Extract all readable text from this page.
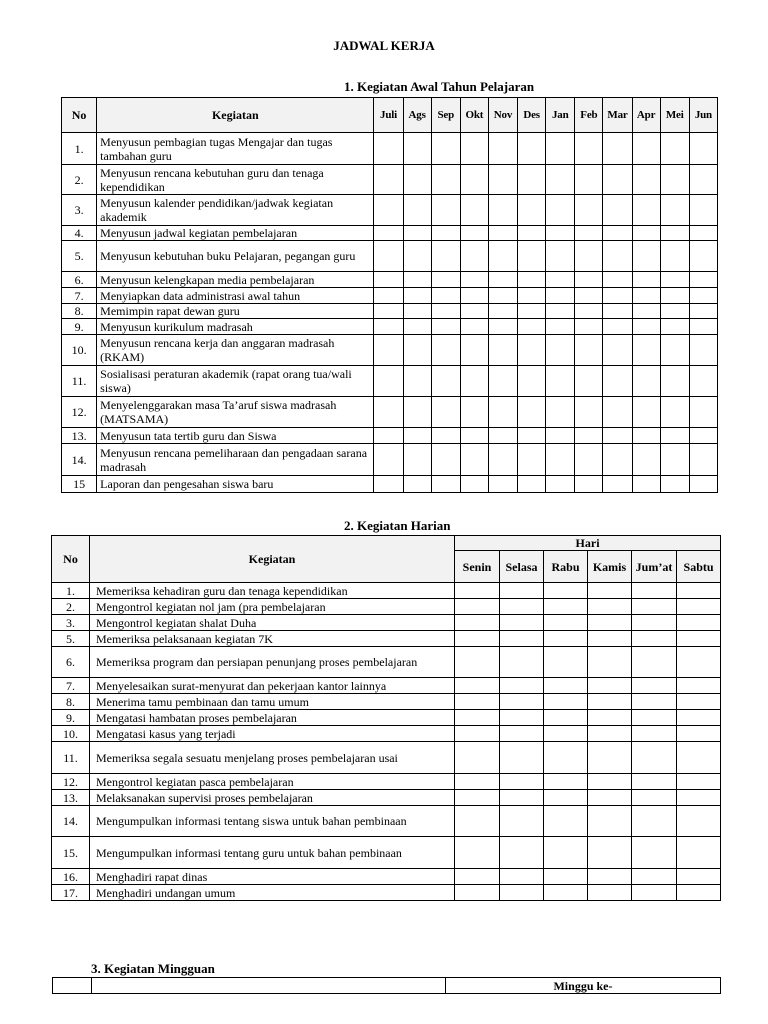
JADWAL KERJA
1. Kegiatan Awal Tahun Pelajaran
No	Kegiatan	Juli	Ags	Sep	Okt	Nov	Des	Jan	Feb	Mar	Apr	Mei	Jun
1.	Menyusun pembagian tugas Mengajar dan tugas tambahan guru												
2.	Menyusun rencana kebutuhan guru dan tenaga kependidikan												
3.	Menyusun kalender pendidikan/jadwak kegiatan akademik												
4.	Menyusun jadwal kegiatan pembelajaran												
5.	Menyusun kebutuhan buku Pelajaran, pegangan guru												
6.	Menyusun kelengkapan media pembelajaran												
7.	Menyiapkan data administrasi awal tahun												
8.	Memimpin rapat dewan guru												
9.	Menyusun kurikulum madrasah												
10.	Menyusun rencana kerja dan anggaran madrasah (RKAM)												
11.	Sosialisasi peraturan akademik (rapat orang tua/wali siswa)												
12.	Menyelenggarakan masa Ta’aruf siswa madrasah (MATSAMA)												
13.	Menyusun tata tertib guru dan Siswa												
14.	Menyusun rencana pemeliharaan dan pengadaan sarana madrasah												
15	Laporan dan pengesahan siswa baru												
2. Kegiatan Harian
No	Kegiatan	Hari					
		Senin	Selasa	Rabu	Kamis	Jum’at	Sabtu
1.	Memeriksa kehadiran guru dan tenaga kependidikan						
2.	Mengontrol kegiatan nol jam (pra pembelajaran						
3.	Mengontrol kegiatan shalat Duha						
5.	Memeriksa pelaksanaan kegiatan 7K						
6.	Memeriksa program dan persiapan penunjang proses pembelajaran						
7.	Menyelesaikan surat-menyurat dan pekerjaan kantor lainnya						
8.	Menerima tamu pembinaan dan tamu umum						
9.	Mengatasi hambatan proses pembelajaran						
10.	Mengatasi kasus yang terjadi						
11.	Memeriksa segala sesuatu menjelang proses pembelajaran usai						
12.	Mengontrol kegiatan pasca pembelajaran						
13.	Melaksanakan supervisi proses pembelajaran						
14.	Mengumpulkan informasi tentang siswa untuk bahan pembinaan						
15.	Mengumpulkan informasi tentang guru untuk bahan pembinaan						
16.	Menghadiri rapat dinas						
17.	Menghadiri undangan umum						
3. Kegiatan Mingguan
		Minggu ke-
